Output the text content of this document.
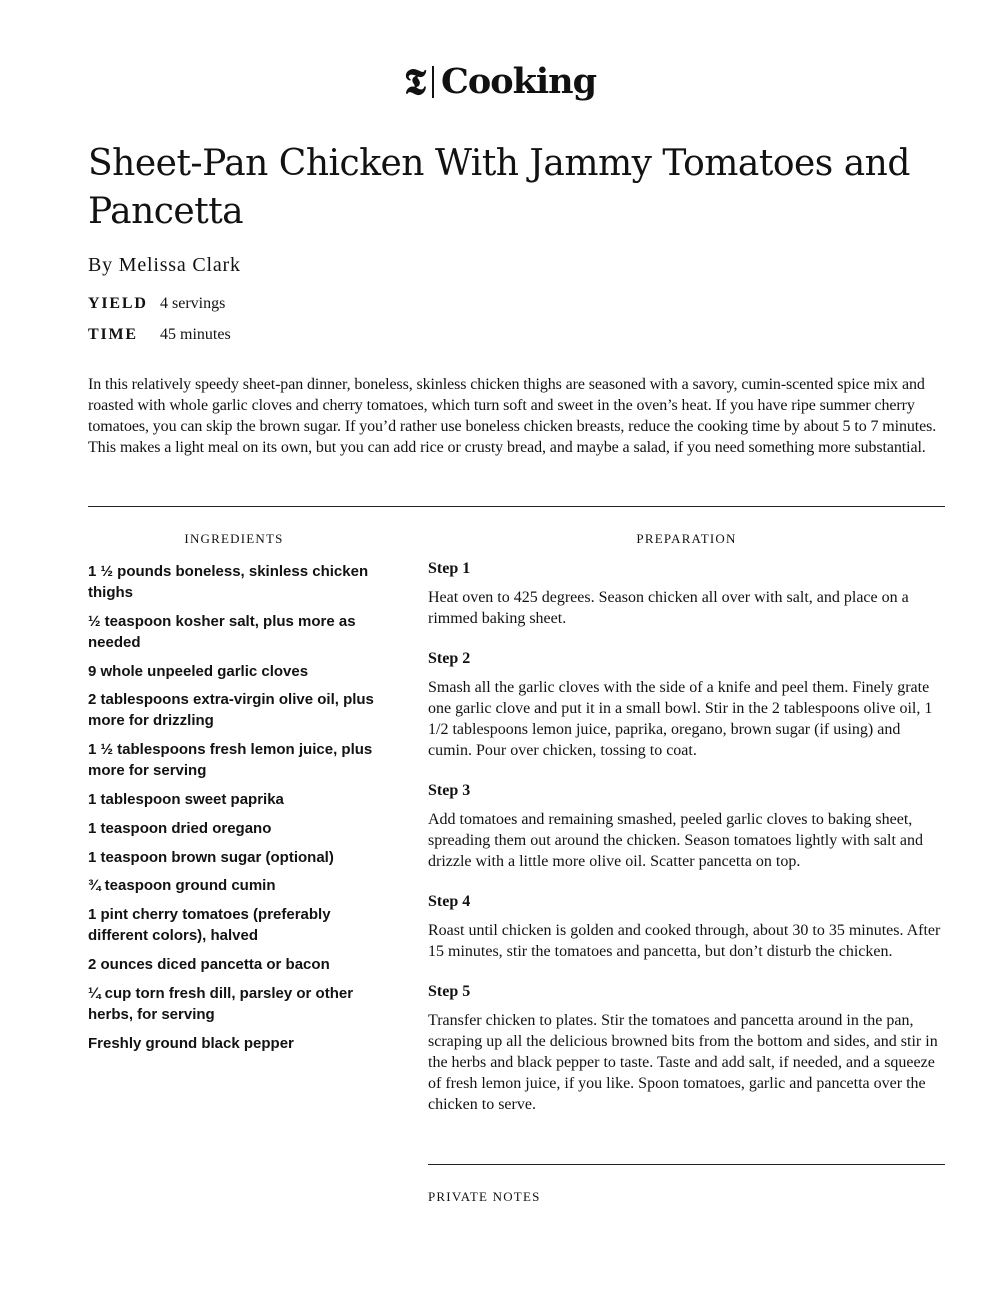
𝕿 Cooking
Sheet-Pan Chicken With Jammy Tomatoes and Pancetta

By Melissa Clark

YIELD 4 servings
TIME 45 minutes

In this relatively speedy sheet-pan dinner, boneless, skinless chicken thighs are seasoned with a savory, cumin-scented spice mix and roasted with whole garlic cloves and cherry tomatoes, which turn soft and sweet in the oven’s heat. If you have ripe summer cherry tomatoes, you can skip the brown sugar. If you’d rather use boneless chicken breasts, reduce the cooking time by about 5 to 7 minutes. This makes a light meal on its own, but you can add rice or crusty bread, and maybe a salad, if you need something more substantial.

INGREDIENTS	PREPARATION
1 ½ pounds boneless, skinless chicken thighs
½ teaspoon kosher salt, plus more as needed
9 whole unpeeled garlic cloves
2 tablespoons extra-virgin olive oil, plus more for drizzling
1 ½ tablespoons fresh lemon juice, plus more for serving
1 tablespoon sweet paprika
1 teaspoon dried oregano
1 teaspoon brown sugar (optional)
¾ teaspoon ground cumin
1 pint cherry tomatoes (preferably different colors), halved
2 ounces diced pancetta or bacon
¼ cup torn fresh dill, parsley or other herbs, for serving
Freshly ground black pepper
Step 1

Heat oven to 425 degrees. Season chicken all over with salt, and place on a rimmed baking sheet.

Step 2

Smash all the garlic cloves with the side of a knife and peel them. Finely grate one garlic clove and put it in a small bowl. Stir in the 2 tablespoons olive oil, 1 1/2 tablespoons lemon juice, paprika, oregano, brown sugar (if using) and cumin. Pour over chicken, tossing to coat.

Step 3

Add tomatoes and remaining smashed, peeled garlic cloves to baking sheet, spreading them out around the chicken. Season tomatoes lightly with salt and drizzle with a little more olive oil. Scatter pancetta on top.

Step 4

Roast until chicken is golden and cooked through, about 30 to 35 minutes. After 15 minutes, stir the tomatoes and pancetta, but don’t disturb the chicken.

Step 5

Transfer chicken to plates. Stir the tomatoes and pancetta around in the pan, scraping up all the delicious browned bits from the bottom and sides, and stir in the herbs and black pepper to taste. Taste and add salt, if needed, and a squeeze of fresh lemon juice, if you like. Spoon tomatoes, garlic and pancetta over the chicken to serve.

PRIVATE NOTES
